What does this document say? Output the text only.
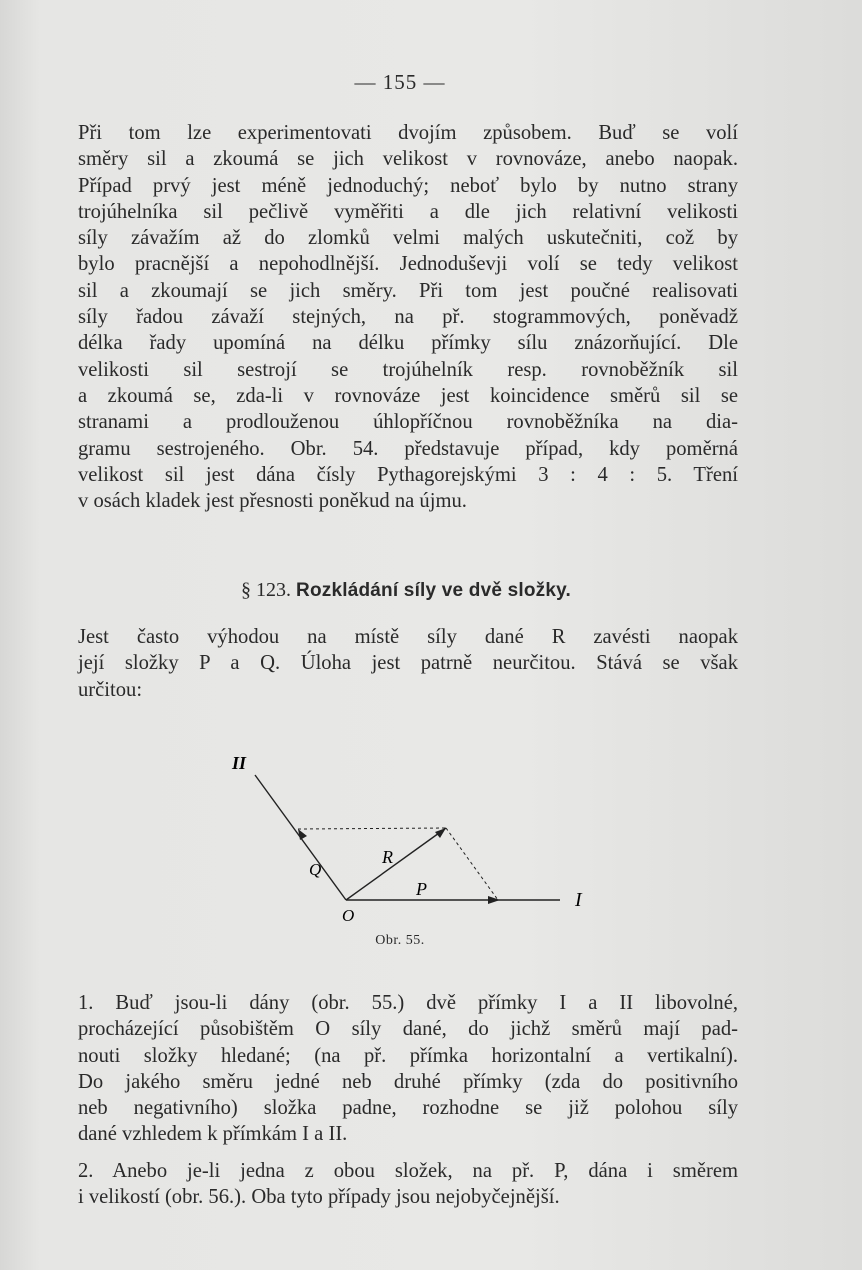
— 155 —
Při tom lze experimentovati dvojím způsobem. Buď se volí
směry sil a zkoumá se jich velikost v rovnováze, anebo naopak.
Případ prvý jest méně jednoduchý; neboť bylo by nutno strany
trojúhelníka sil pečlivě vyměřiti a dle jich relativní velikosti
síly závažím až do zlomků velmi malých uskutečniti, což by
bylo pracnější a nepohodlnější. Jednoduševji volí se tedy velikost
sil a zkoumají se jich směry. Při tom jest poučné realisovati
síly řadou závaží stejných, na př. stogrammových, poněvadž
délka řady upomíná na délku přímky sílu znázorňující. Dle
velikosti sil sestrojí se trojúhelník resp. rovnoběžník sil
a zkoumá se, zda-li v rovnováze jest koincidence směrů sil se
stranami a prodlouženou úhlopříčnou rovnoběžníka na dia-
gramu sestrojeného. Obr. 54. představuje případ, kdy poměrná
velikost sil jest dána čísly Pythagorejskými 3 : 4 : 5. Tření
v osách kladek jest přesnosti poněkud na újmu.
§ 123. Rozkládání síly ve dvě složky.
Jest často výhodou na místě síly dané R zavésti naopak
její složky P a Q. Úloha jest patrně neurčitou. Stává se však
určitou:
II
I
O
P
Q
R
Obr. 55.
1. Buď jsou-li dány (obr. 55.) dvě přímky I a II libovolné,
procházející působištěm O síly dané, do jichž směrů mají pad-
nouti složky hledané; (na př. přímka horizontalní a vertikalní).
Do jakého směru jedné neb druhé přímky (zda do positivního
neb negativního) složka padne, rozhodne se již polohou síly
dané vzhledem k přímkám I a II.
2. Anebo je-li jedna z obou složek, na př. P, dána i směrem
i velikostí (obr. 56.). Oba tyto případy jsou nejobyčejnější.
